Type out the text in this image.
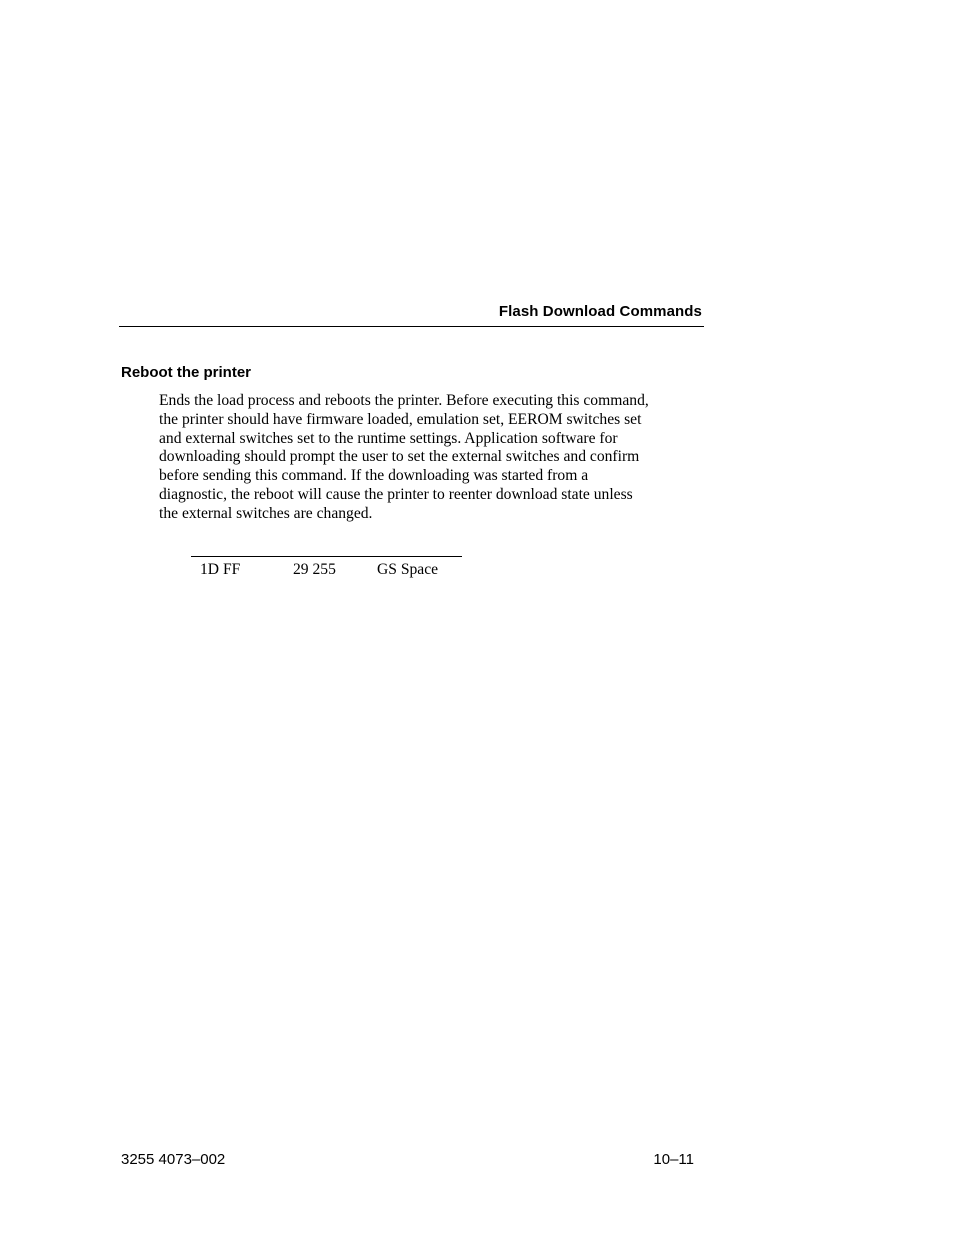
Flash Download Commands
Reboot the printer
Ends the load process and reboots the printer. Before executing this command,
the printer should have firmware loaded, emulation set, EEROM switches set
and external switches set to the runtime settings. Application software for
downloading should prompt the user to set the external switches and confirm
before sending this command. If the downloading was started from a
diagnostic, the reboot will cause the printer to reenter download state unless
the external switches are changed.
1D FF	29 255	GS Space
3255 4073–002	10–11
